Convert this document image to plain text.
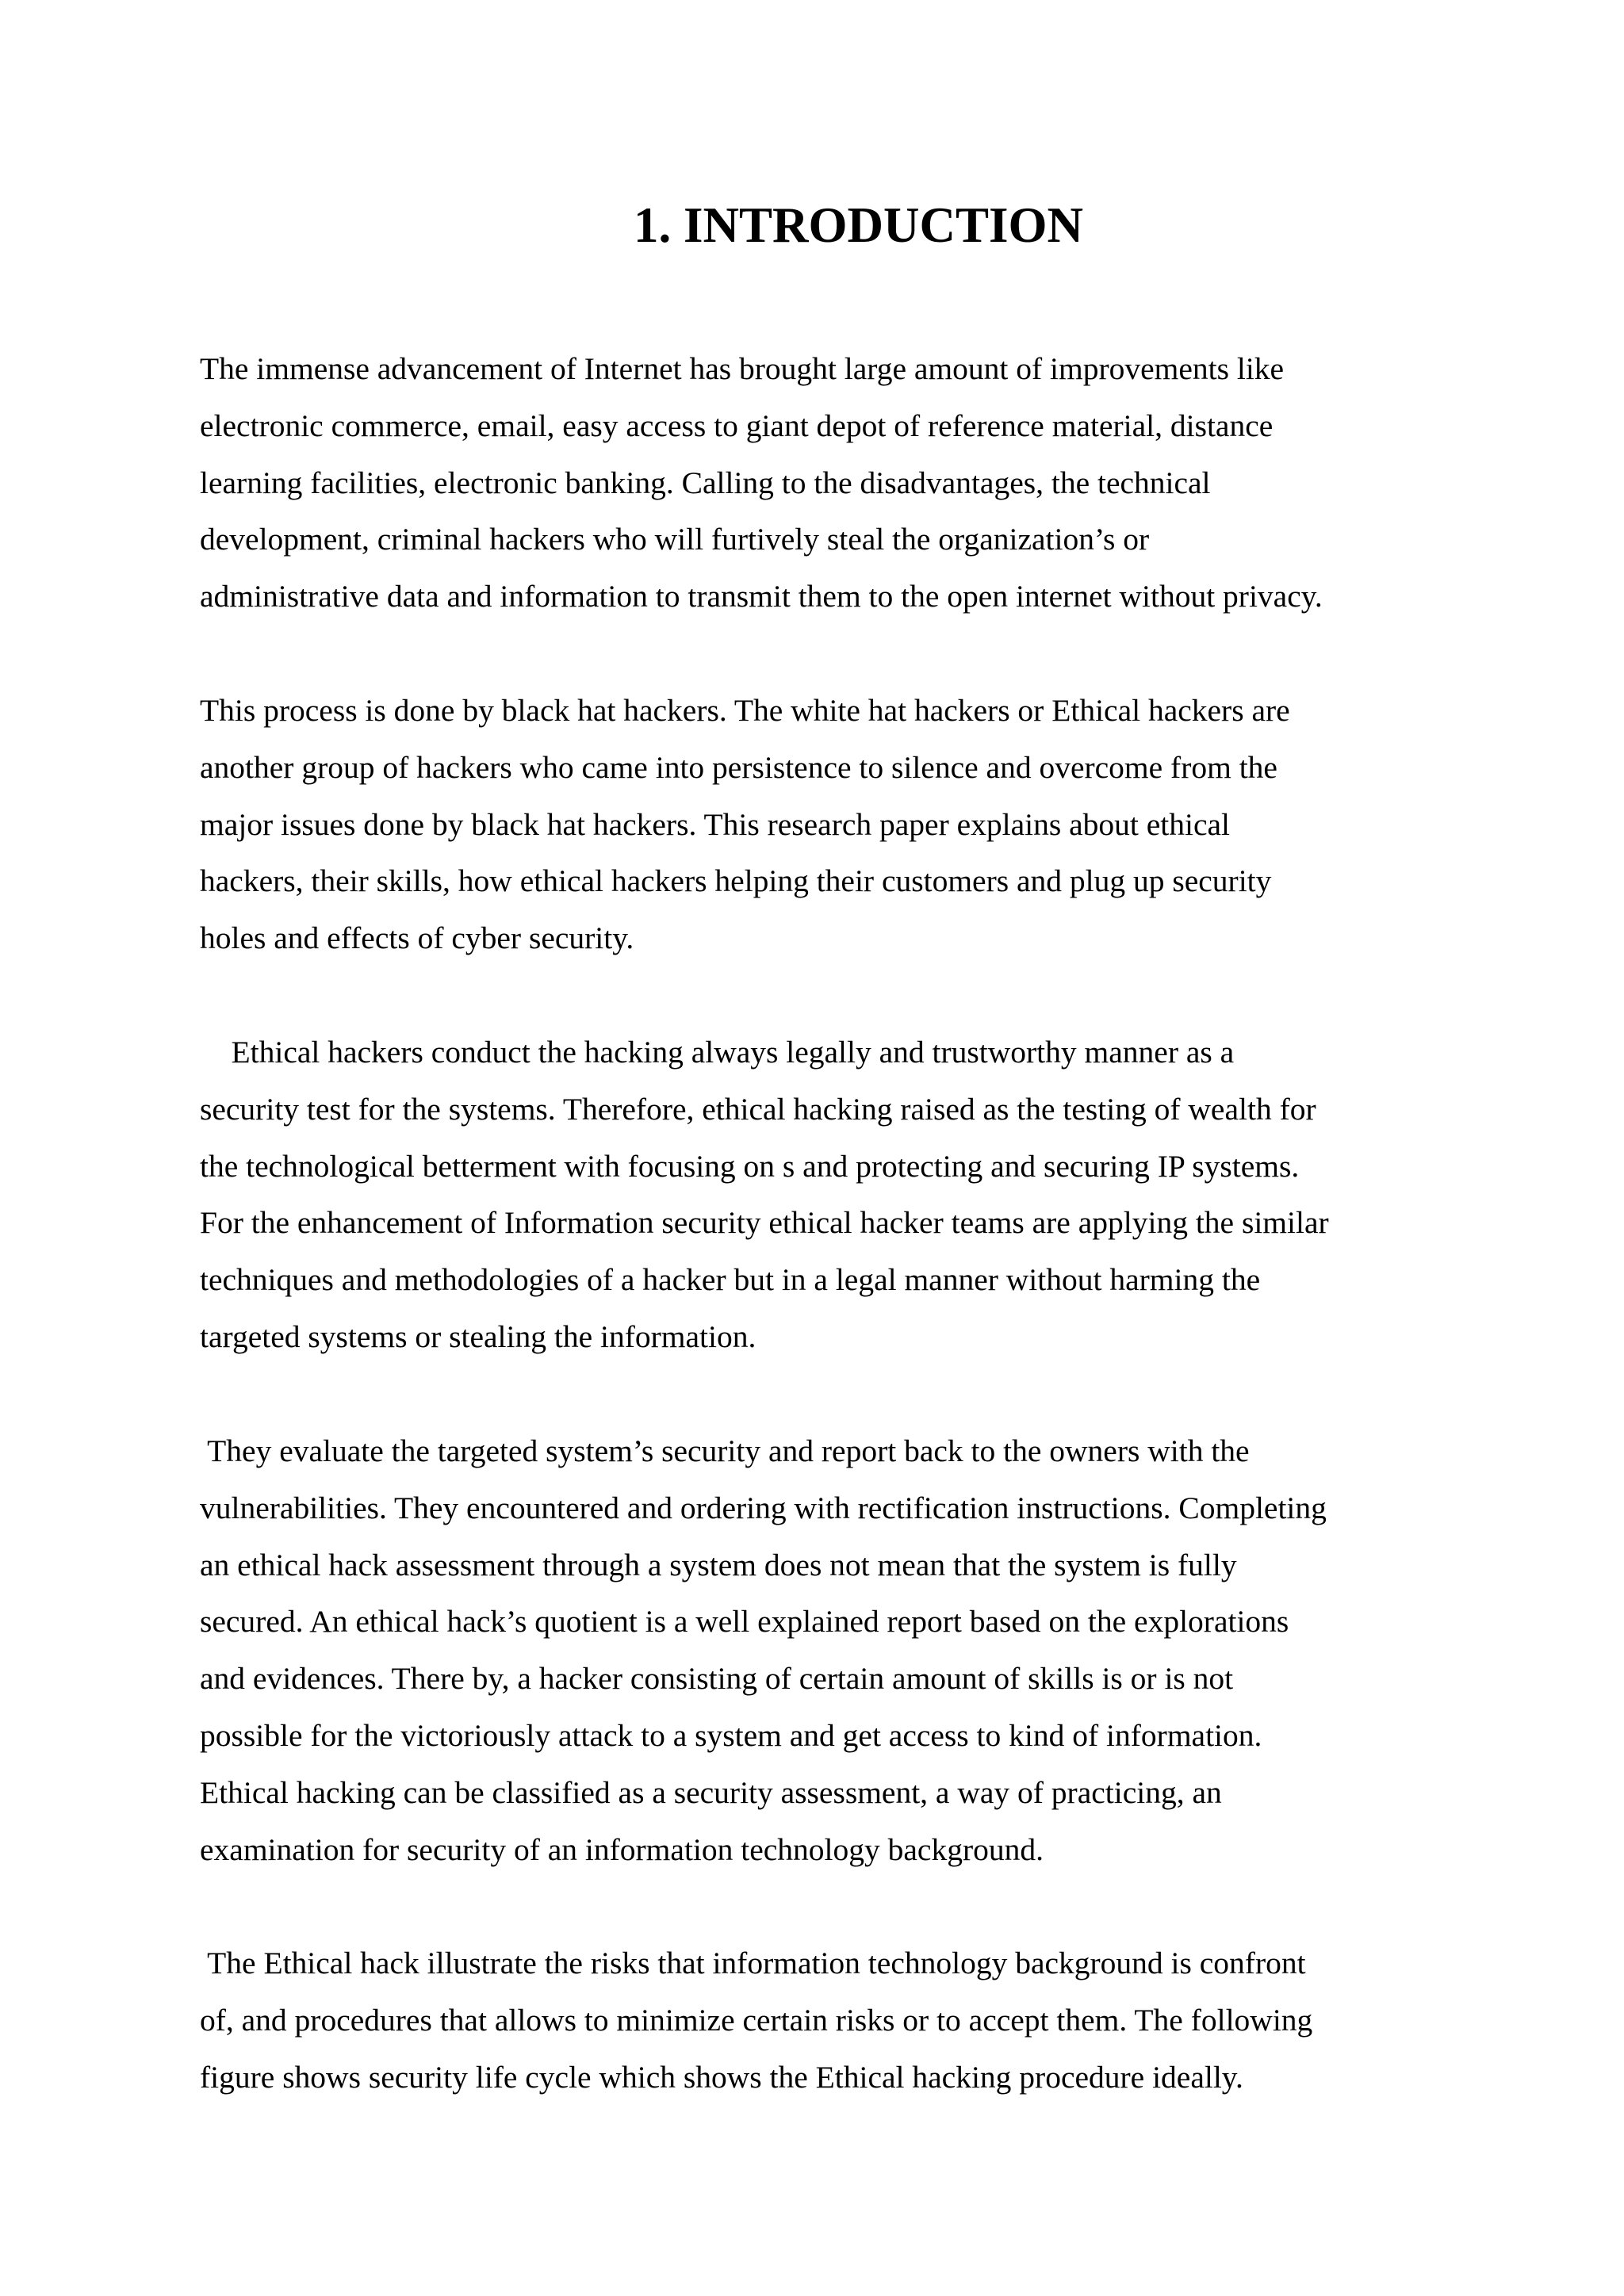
1. INTRODUCTION

The immense advancement of Internet has brought large amount of improvements like
electronic commerce, email, easy access to giant depot of reference material, distance
learning facilities, electronic banking. Calling to the disadvantages, the technical
development, criminal hackers who will furtively steal the organization’s or
administrative data and information to transmit them to the open internet without privacy.

This process is done by black hat hackers. The white hat hackers or Ethical hackers are
another group of hackers who came into persistence to silence and overcome from the
major issues done by black hat hackers. This research paper explains about ethical
hackers, their skills, how ethical hackers helping their customers and plug up security
holes and effects of cyber security.

Ethical hackers conduct the hacking always legally and trustworthy manner as a
security test for the systems. Therefore, ethical hacking raised as the testing of wealth for
the technological betterment with focusing on s and protecting and securing IP systems.
For the enhancement of Information security ethical hacker teams are applying the similar
techniques and methodologies of a hacker but in a legal manner without harming the
targeted systems or stealing the information.

They evaluate the targeted system’s security and report back to the owners with the
vulnerabilities. They encountered and ordering with rectification instructions. Completing
an ethical hack assessment through a system does not mean that the system is fully
secured. An ethical hack’s quotient is a well explained report based on the explorations
and evidences. There by, a hacker consisting of certain amount of skills is or is not
possible for the victoriously attack to a system and get access to kind of information.
Ethical hacking can be classified as a security assessment, a way of practicing, an
examination for security of an information technology background.

The Ethical hack illustrate the risks that information technology background is confront
of, and procedures that allows to minimize certain risks or to accept them. The following
figure shows security life cycle which shows the Ethical hacking procedure ideally.
